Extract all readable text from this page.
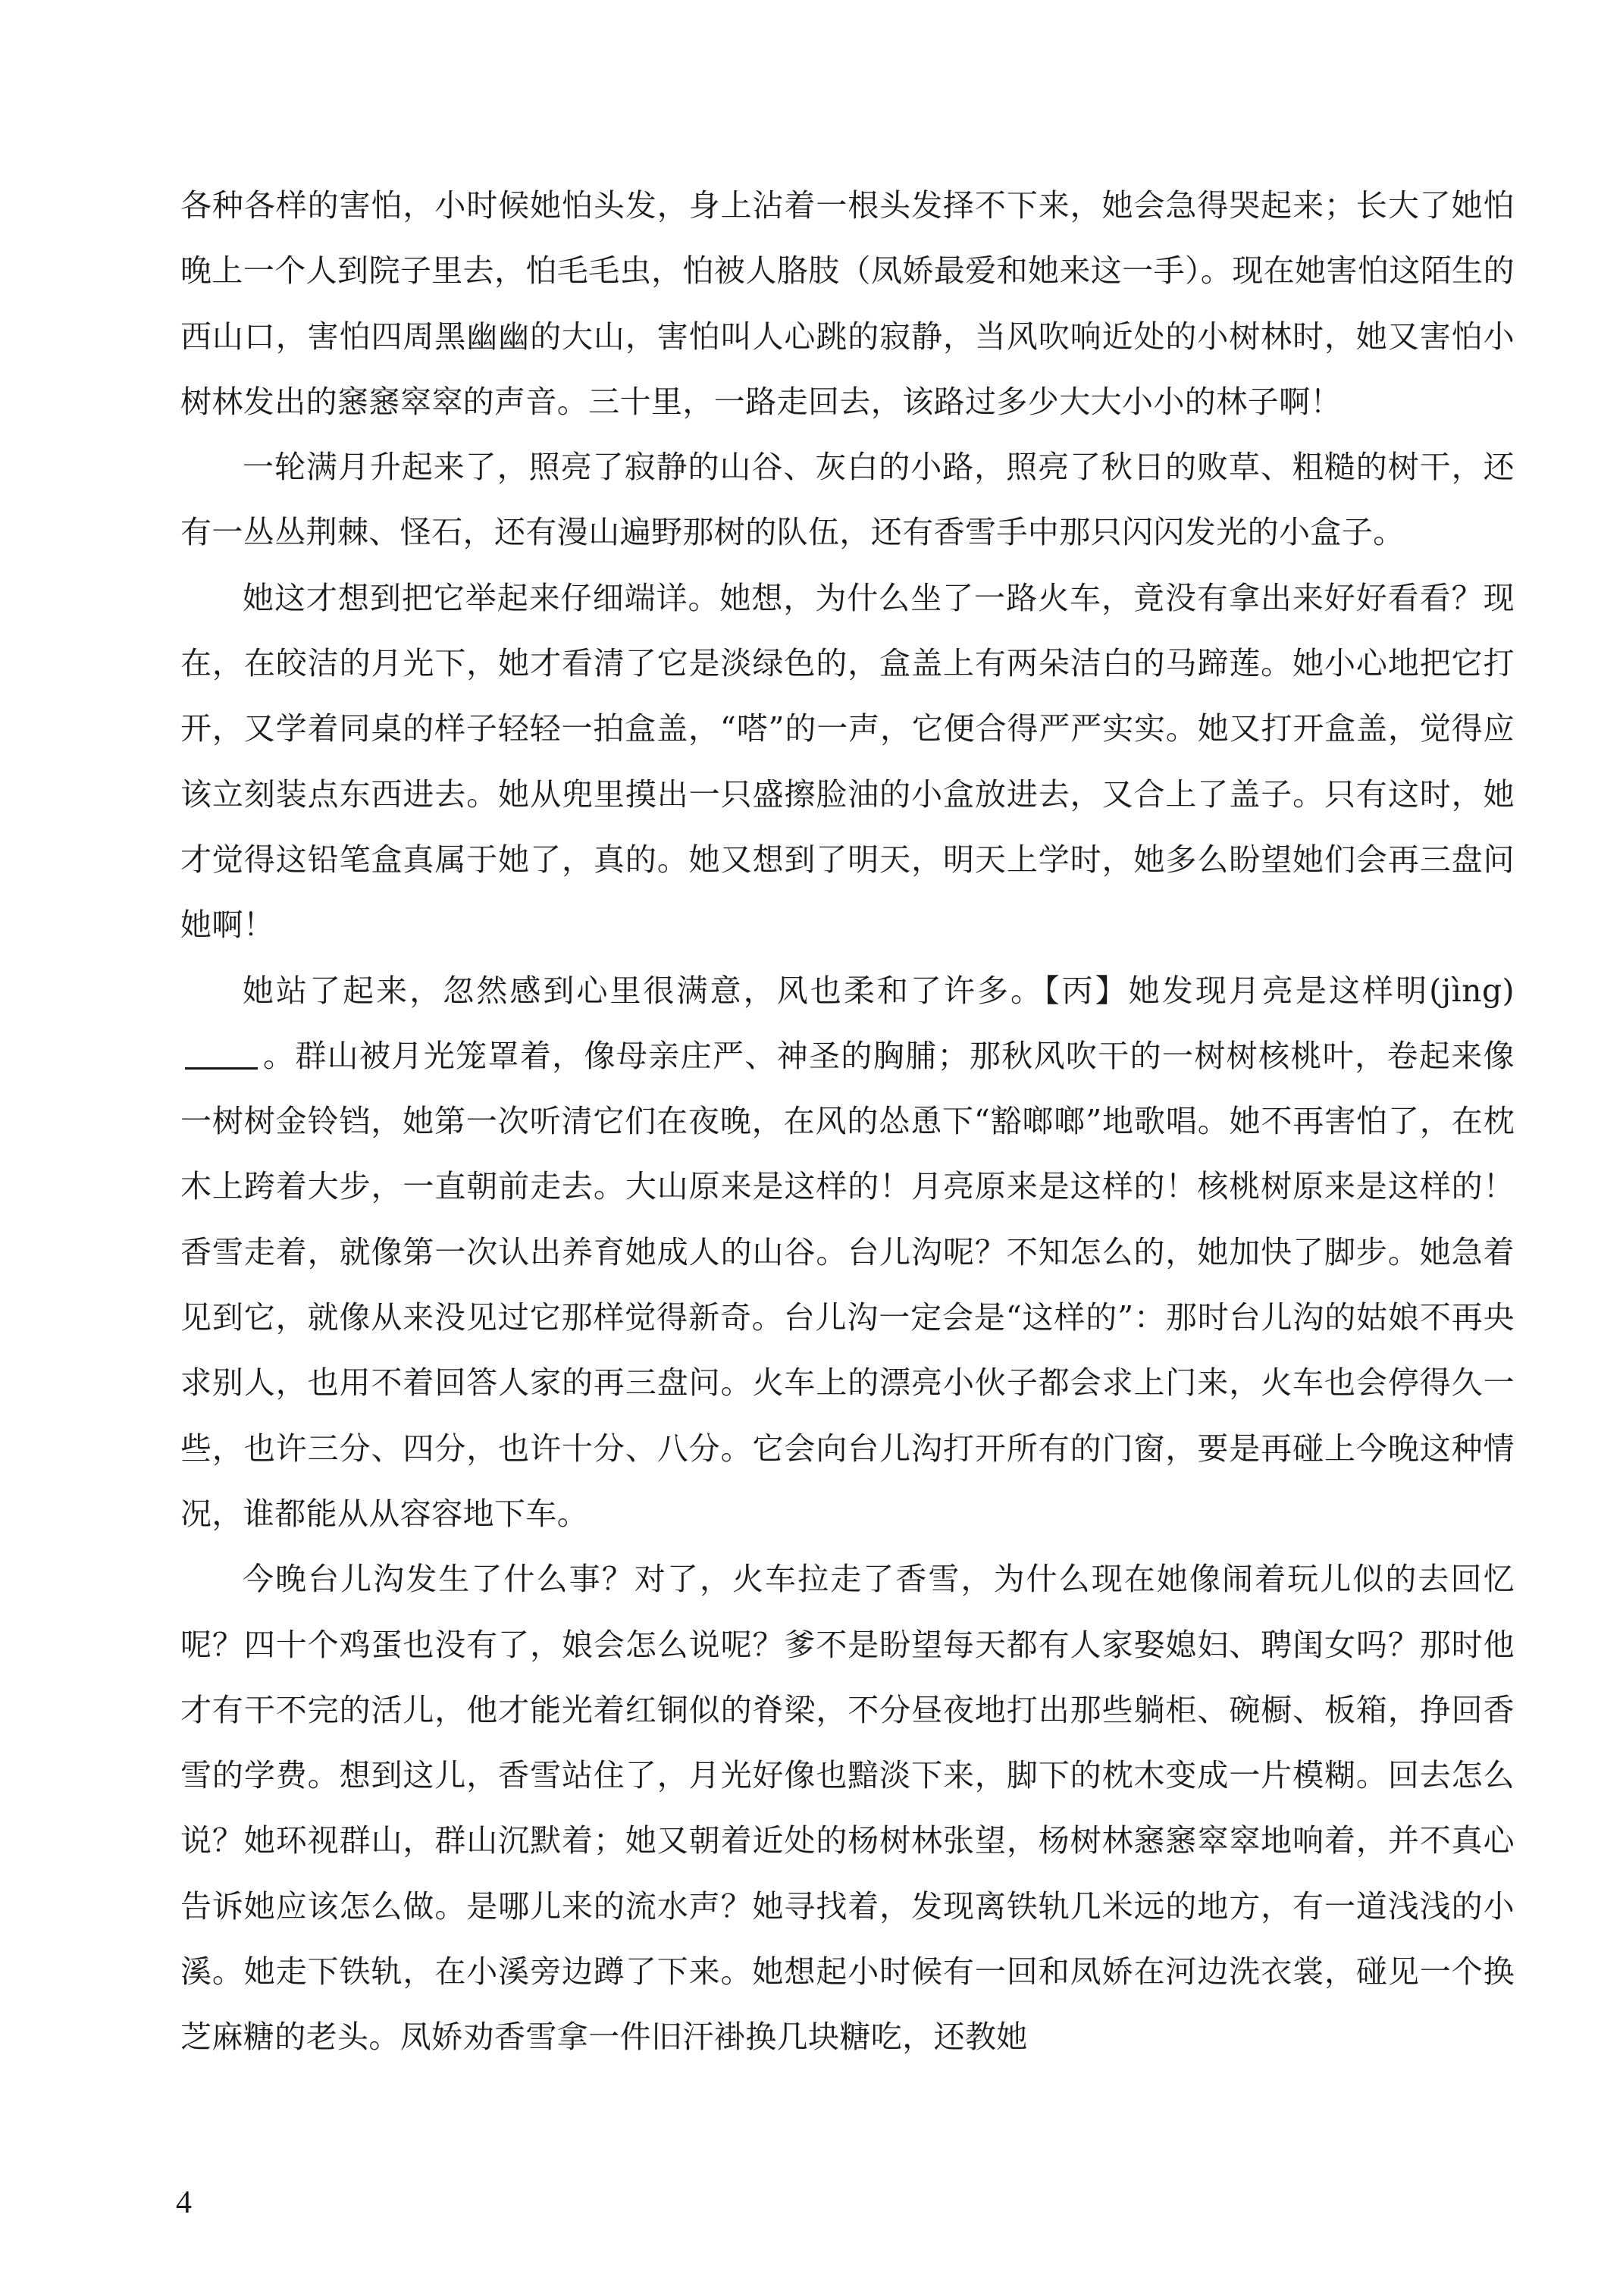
各种各样的害怕，小时候她怕头发，身上沾着一根头发择不下来，她会急得哭起来；长大了她怕晚上一个人到院子里去，怕毛毛虫，怕被人胳肢（凤娇最爱和她来这一手）。现在她害怕这陌生的西山口，害怕四周黑幽幽的大山，害怕叫人心跳的寂静，当风吹响近处的小树林时，她又害怕小树林发出的窸窸窣窣的声音。三十里，一路走回去，该路过多少大大小小的林子啊！

一轮满月升起来了，照亮了寂静的山谷、灰白的小路，照亮了秋日的败草、粗糙的树干，还有一丛丛荆棘、怪石，还有漫山遍野那树的队伍，还有香雪手中那只闪闪发光的小盒子。

她这才想到把它举起来仔细端详。她想，为什么坐了一路火车，竟没有拿出来好好看看？现在，在皎洁的月光下，她才看清了它是淡绿色的，盒盖上有两朵洁白的马蹄莲。她小心地把它打开，又学着同桌的样子轻轻一拍盒盖，“嗒”的一声，它便合得严严实实。她又打开盒盖，觉得应该立刻装点东西进去。她从兜里摸出一只盛擦脸油的小盒放进去，又合上了盖子。只有这时，她才觉得这铅笔盒真属于她了，真的。她又想到了明天，明天上学时，她多么盼望她们会再三盘问她啊！

她站了起来，忽然感到心里很满意，风也柔和了许多。【丙】她发现月亮是这样明(jìng)。群山被月光笼罩着，像母亲庄严、神圣的胸脯；那秋风吹干的一树树核桃叶，卷起来像一树树金铃铛，她第一次听清它们在夜晚，在风的怂恿下“豁啷啷”地歌唱。她不再害怕了，在枕木上跨着大步，一直朝前走去。大山原来是这样的！月亮原来是这样的！核桃树原来是这样的！香雪走着，就像第一次认出养育她成人的山谷。台儿沟呢？不知怎么的，她加快了脚步。她急着见到它，就像从来没见过它那样觉得新奇。台儿沟一定会是“这样的”：那时台儿沟的姑娘不再央求别人，也用不着回答人家的再三盘问。火车上的漂亮小伙子都会求上门来，火车也会停得久一些，也许三分、四分，也许十分、八分。它会向台儿沟打开所有的门窗，要是再碰上今晚这种情况，谁都能从从容容地下车。

今晚台儿沟发生了什么事？对了，火车拉走了香雪，为什么现在她像闹着玩儿似的去回忆呢？四十个鸡蛋也没有了，娘会怎么说呢？爹不是盼望每天都有人家娶媳妇、聘闺女吗？那时他才有干不完的活儿，他才能光着红铜似的脊梁，不分昼夜地打出那些躺柜、碗橱、板箱，挣回香雪的学费。想到这儿，香雪站住了，月光好像也黯淡下来，脚下的枕木变成一片模糊。回去怎么说？她环视群山，群山沉默着；她又朝着近处的杨树林张望，杨树林窸窸窣窣地响着，并不真心告诉她应该怎么做。是哪儿来的流水声？她寻找着，发现离铁轨几米远的地方，有一道浅浅的小溪。她走下铁轨，在小溪旁边蹲了下来。她想起小时候有一回和凤娇在河边洗衣裳，碰见一个换芝麻糖的老头。凤娇劝香雪拿一件旧汗褂换几块糖吃，还教她

4
